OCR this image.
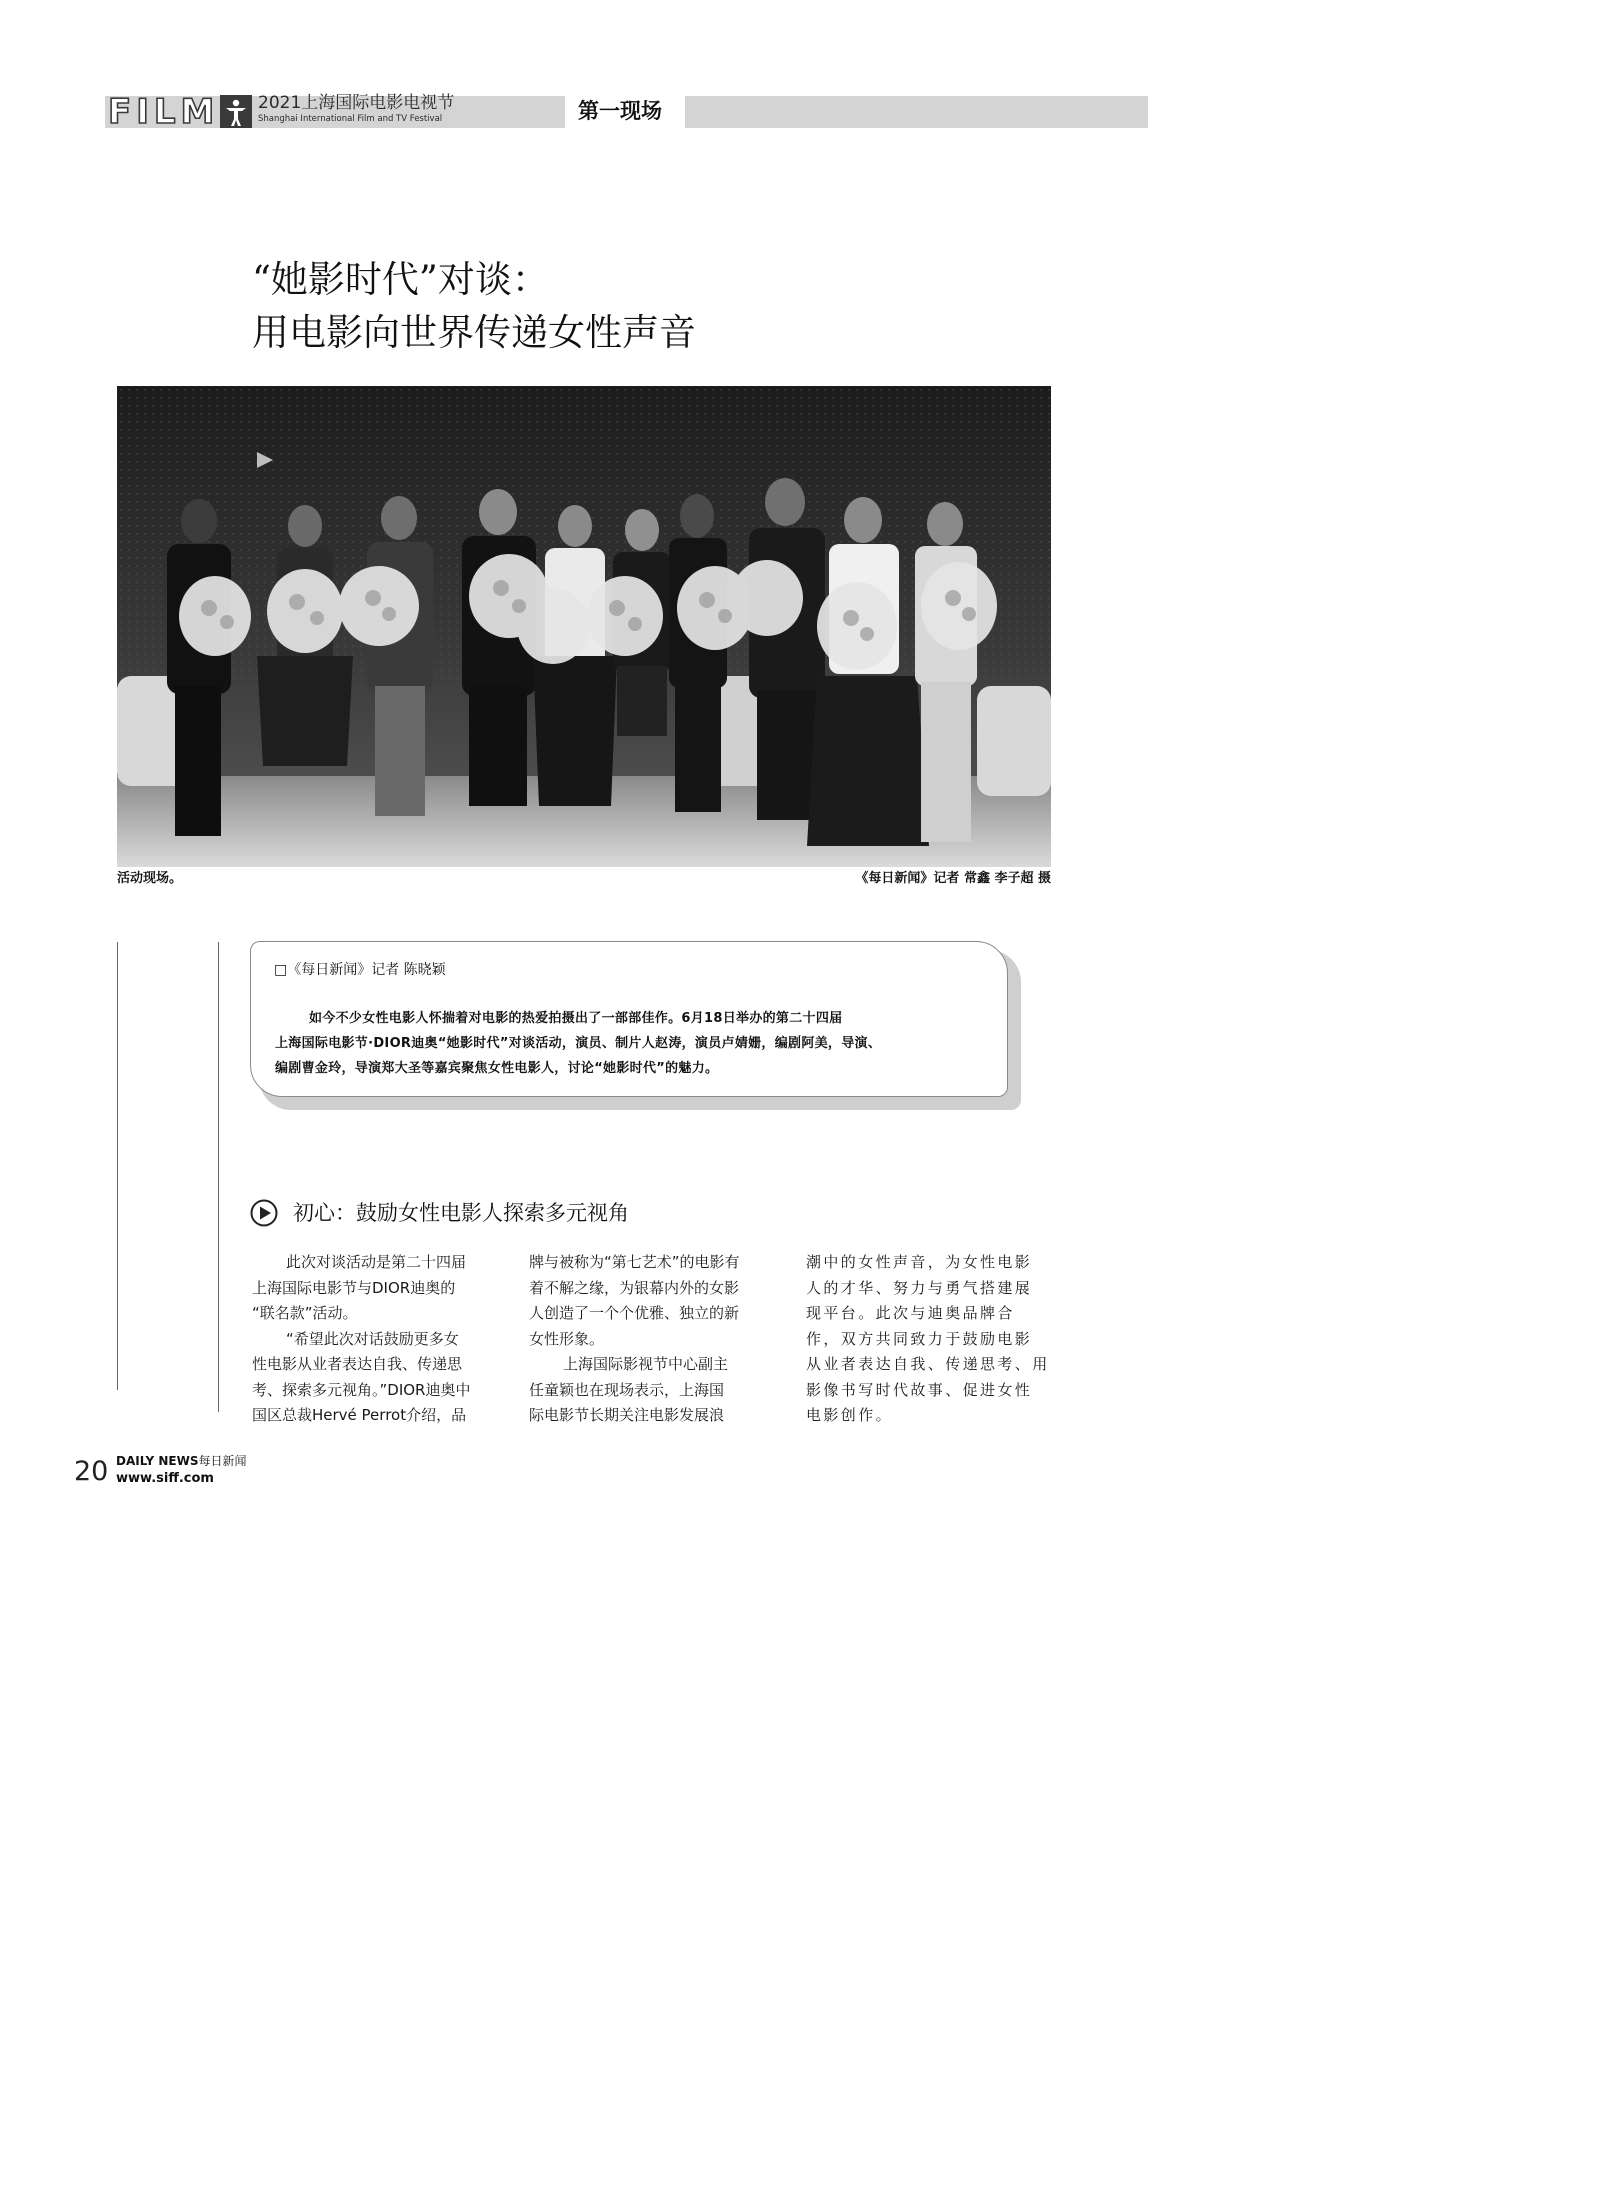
FILM 2021上海国际电影电视节
Shanghai International Film and TV Festival	第一现场
“她影时代”对谈：
用电影向世界传递女性声音
活动现场。	《每日新闻》记者 常鑫 李子超 摄
□《每日新闻》记者 陈晓颖
如今不少女性电影人怀揣着对电影的热爱拍摄出了一部部佳作。6月18日举办的第二十四届
上海国际电影节·DIOR迪奥“她影时代”对谈活动，演员、制片人赵涛，演员卢婧姗，编剧阿美，导演、
编剧曹金玲，导演郑大圣等嘉宾聚焦女性电影人，讨论“她影时代”的魅力。
初心：鼓励女性电影人探索多元视角
此次对谈活动是第二十四届
上海国际电影节与DIOR迪奥的
“联名款”活动。
“希望此次对话鼓励更多女
性电影从业者表达自我、传递思
考、探索多元视角。”DIOR迪奥中
国区总裁Hervé Perrot介绍，品
牌与被称为“第七艺术”的电影有
着不解之缘，为银幕内外的女影
人创造了一个个优雅、独立的新
女性形象。
上海国际影视节中心副主
任童颖也在现场表示，上海国
际电影节长期关注电影发展浪
潮中的女性声音，为女性电影
人的才华、努力与勇气搭建展
现平台。此次与迪奥品牌合
作，双方共同致力于鼓励电影
从业者表达自我、传递思考、用
影像书写时代故事、促进女性
电影创作。
20 DAILY NEWS每日新闻
www.siff.com
